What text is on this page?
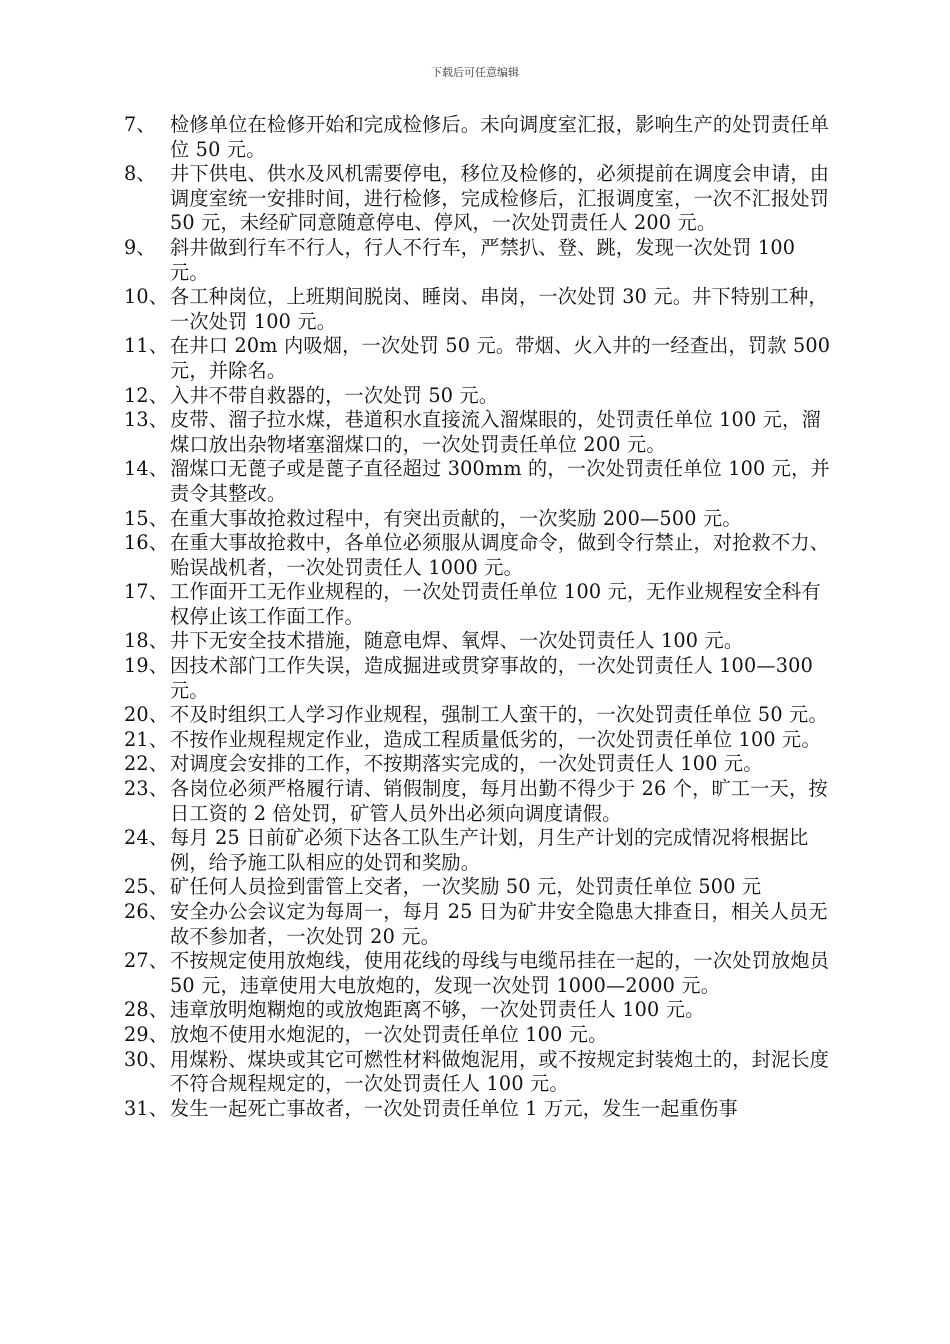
下载后可任意编辑
7、 检修单位在检修开始和完成检修后。未向调度室汇报，影响生产的处罚责任单位 50 元。
8、 井下供电、供水及风机需要停电，移位及检修的，必须提前在调度会申请，由调度室统一安排时间，进行检修，完成检修后，汇报调度室，一次不汇报处罚 50 元，未经矿同意随意停电、停风，一次处罚责任人 200 元。
9、 斜井做到行车不行人，行人不行车，严禁扒、登、跳，发现一次处罚 100 元。
10、 各工种岗位，上班期间脱岗、睡岗、串岗，一次处罚 30 元。井下特别工种，一次处罚 100 元。
11、 在井口 20m 内吸烟，一次处罚 50 元。带烟、火入井的一经查出，罚款 500 元，并除名。
12、 入井不带自救器的，一次处罚 50 元。
13、 皮带、溜子拉水煤，巷道积水直接流入溜煤眼的，处罚责任单位 100 元，溜煤口放出杂物堵塞溜煤口的，一次处罚责任单位 200 元。
14、 溜煤口无蓖子或是蓖子直径超过 300mm 的，一次处罚责任单位 100 元，并责令其整改。
15、 在重大事故抢救过程中，有突出贡献的，一次奖励 200—500 元。
16、 在重大事故抢救中，各单位必须服从调度命令，做到令行禁止，对抢救不力、贻误战机者，一次处罚责任人 1000 元。
17、 工作面开工无作业规程的，一次处罚责任单位 100 元，无作业规程安全科有权停止该工作面工作。
18、 井下无安全技术措施，随意电焊、氧焊、一次处罚责任人 100 元。
19、 因技术部门工作失误，造成掘进或贯穿事故的，一次处罚责任人 100—300 元。
20、 不及时组织工人学习作业规程，强制工人蛮干的，一次处罚责任单位 50 元。
21、 不按作业规程规定作业，造成工程质量低劣的，一次处罚责任单位 100 元。
22、 对调度会安排的工作，不按期落实完成的，一次处罚责任人 100 元。
23、 各岗位必须严格履行请、销假制度，每月出勤不得少于 26 个，旷工一天，按日工资的 2 倍处罚，矿管人员外出必须向调度请假。
24、 每月 25 日前矿必须下达各工队生产计划，月生产计划的完成情况将根据比例，给予施工队相应的处罚和奖励。
25、 矿任何人员捡到雷管上交者，一次奖励 50 元，处罚责任单位 500 元
26、 安全办公会议定为每周一，每月 25 日为矿井安全隐患大排查日，相关人员无故不参加者，一次处罚 20 元。
27、 不按规定使用放炮线，使用花线的母线与电缆吊挂在一起的，一次处罚放炮员 50 元，违章使用大电放炮的，发现一次处罚 1000—2000 元。
28、 违章放明炮糊炮的或放炮距离不够，一次处罚责任人 100 元。
29、 放炮不使用水炮泥的，一次处罚责任单位 100 元。
30、 用煤粉、煤块或其它可燃性材料做炮泥用，或不按规定封装炮土的，封泥长度不符合规程规定的，一次处罚责任人 100 元。
31、 发生一起死亡事故者，一次处罚责任单位 1 万元，发生一起重伤事
